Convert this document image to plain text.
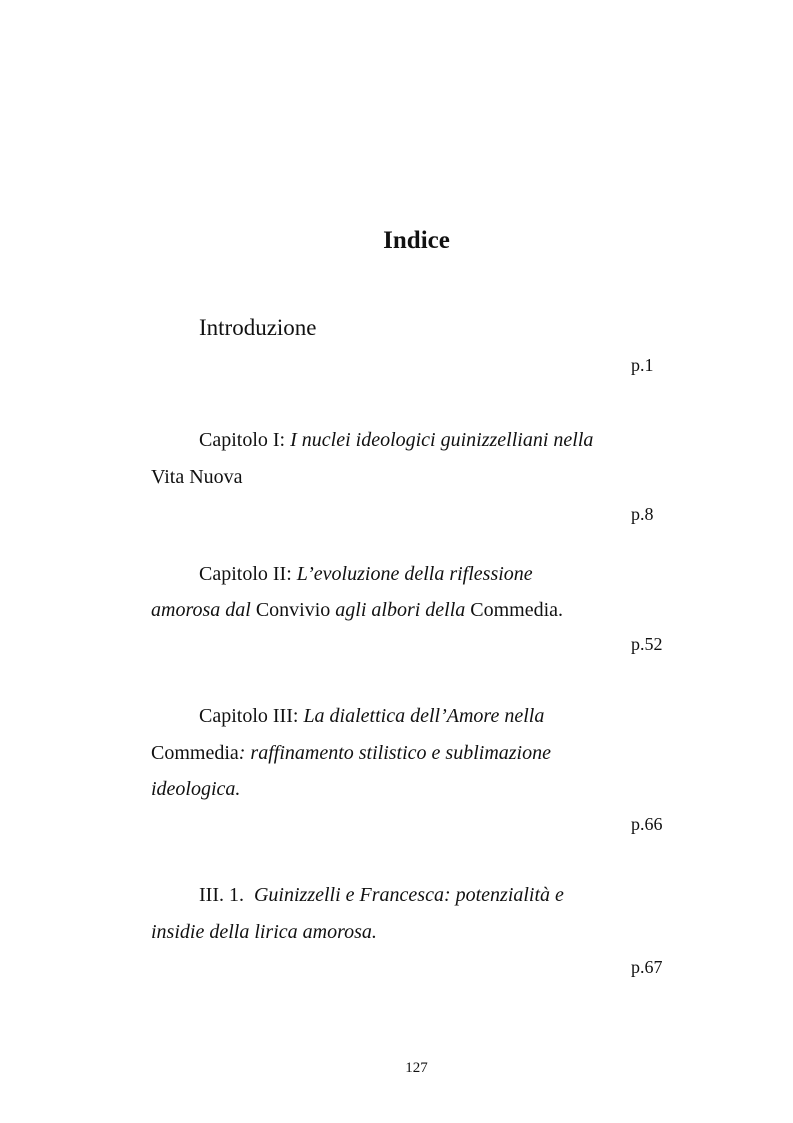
Indice
Introduzione
p.1
Capitolo I: I nuclei ideologici guinizzelliani nella
Vita Nuova
p.8
Capitolo II: L’evoluzione della riflessione
amorosa dal Convivio agli albori della Commedia.
p.52
Capitolo III: La dialettica dell’Amore nella
Commedia: raffinamento stilistico e sublimazione
ideologica.
p.66
III. 1.  Guinizzelli e Francesca: potenzialità e
insidie della lirica amorosa.
p.67
127
